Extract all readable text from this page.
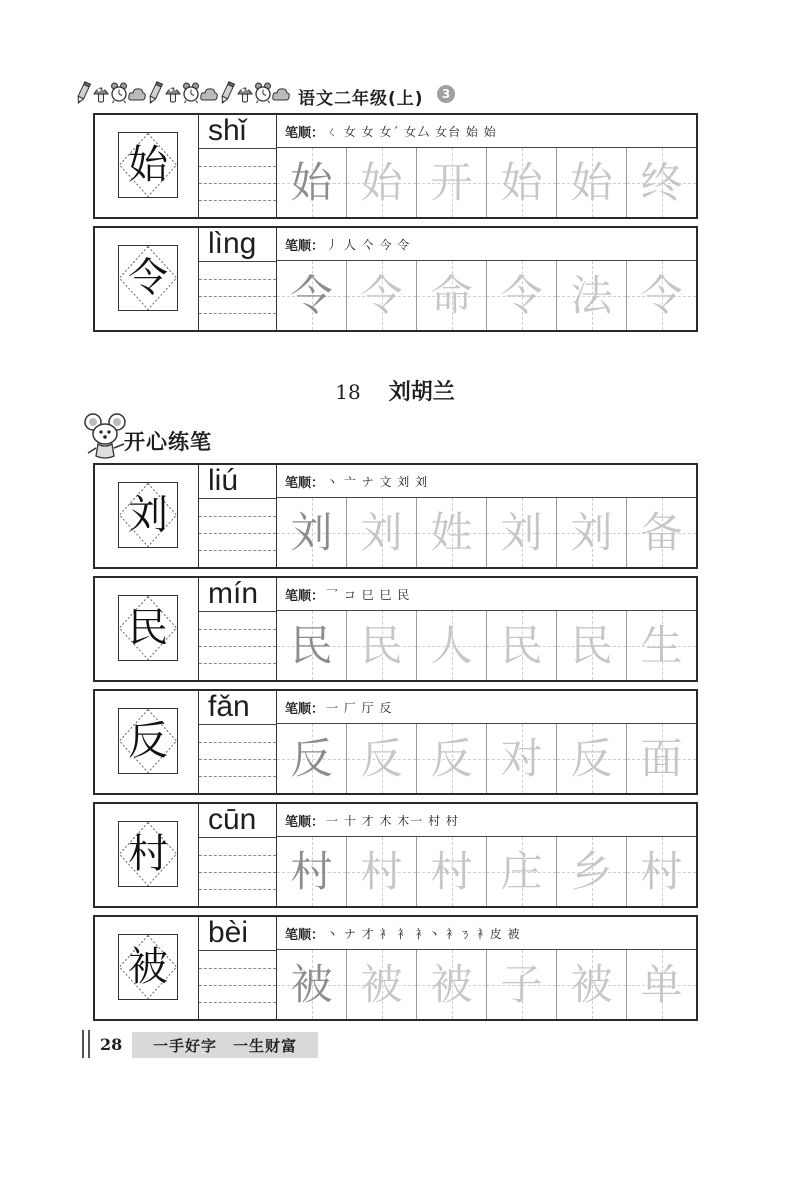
语文二年级(上)	3
18 刘胡兰
开心练笔
28 一手好字　一生财富
始
shǐ	笔顺： ㄑ 女 女 女ˊ 女厶 女台 始 始
始 始 开 始 始 终
令
lìng 笔顺： 丿 人 亽 今 令
令 令 命 令 法 令
刘
liú	笔顺： 丶 亠 ナ 文 刘 刘
刘 刘 姓 刘 刘 备
民
mín 笔顺： 乛 コ 巳 巳 民
民 民 人 民 民 生
反
fǎn	笔顺： 一 厂 厅 反
反 反 反 对 反 面
村
cūn 笔顺： 一 十 才 木 木一 村 村
村 村 村 庄 乡 村
被
bèi	笔顺： 丶 ナ 才 衤 衤 衤丶 衤ㄋ 衤皮 被
被 被 被 子 被 单
